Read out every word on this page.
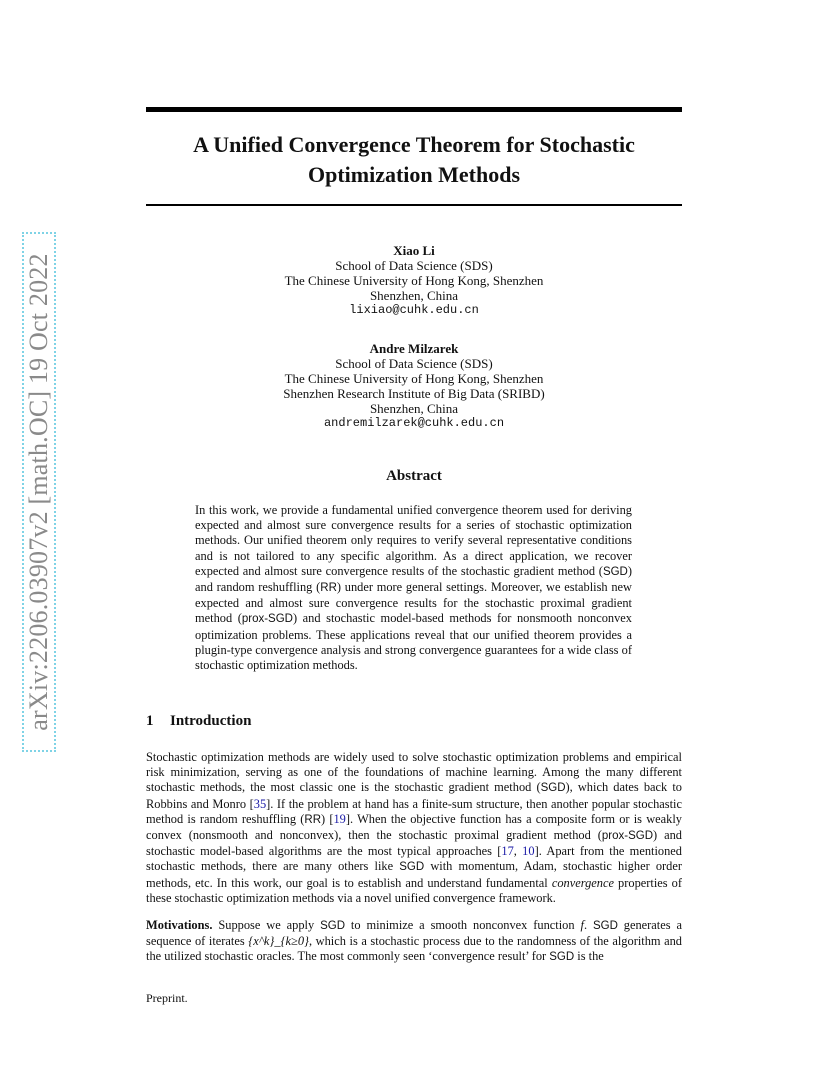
arXiv:2206.03907v2 [math.OC] 19 Oct 2022
A Unified Convergence Theorem for Stochastic
Optimization Methods
Xiao Li
School of Data Science (SDS)
The Chinese University of Hong Kong, Shenzhen
Shenzhen, China
lixiao@cuhk.edu.cn
Andre Milzarek
School of Data Science (SDS)
The Chinese University of Hong Kong, Shenzhen
Shenzhen Research Institute of Big Data (SRIBD)
Shenzhen, China
andremilzarek@cuhk.edu.cn
Abstract
In this work, we provide a fundamental unified convergence theorem used for deriving expected and almost sure convergence results for a series of stochastic optimization methods. Our unified theorem only requires to verify several representative conditions and is not tailored to any specific algorithm. As a direct application, we recover expected and almost sure convergence results of the stochastic gradient method (SGD) and random reshuffling (RR) under more general settings. Moreover, we establish new expected and almost sure convergence results for the stochastic proximal gradient method (prox-SGD) and stochastic model-based methods for nonsmooth nonconvex optimization problems. These applications reveal that our unified theorem provides a plugin-type convergence analysis and strong convergence guarantees for a wide class of stochastic optimization methods.
1 Introduction
Stochastic optimization methods are widely used to solve stochastic optimization problems and empirical risk minimization, serving as one of the foundations of machine learning. Among the many different stochastic methods, the most classic one is the stochastic gradient method (SGD), which dates back to Robbins and Monro [35]. If the problem at hand has a finite-sum structure, then another popular stochastic method is random reshuffling (RR) [19]. When the objective function has a composite form or is weakly convex (nonsmooth and nonconvex), then the stochastic proximal gradient method (prox-SGD) and stochastic model-based algorithms are the most typical approaches [17, 10]. Apart from the mentioned stochastic methods, there are many others like SGD with momentum, Adam, stochastic higher order methods, etc. In this work, our goal is to establish and understand fundamental convergence properties of these stochastic optimization methods via a novel unified convergence framework.
Motivations. Suppose we apply SGD to minimize a smooth nonconvex function f. SGD generates a sequence of iterates {x^k}_{k≥0}, which is a stochastic process due to the randomness of the algorithm and the utilized stochastic oracles. The most commonly seen ‘convergence result’ for SGD is the
Preprint.
